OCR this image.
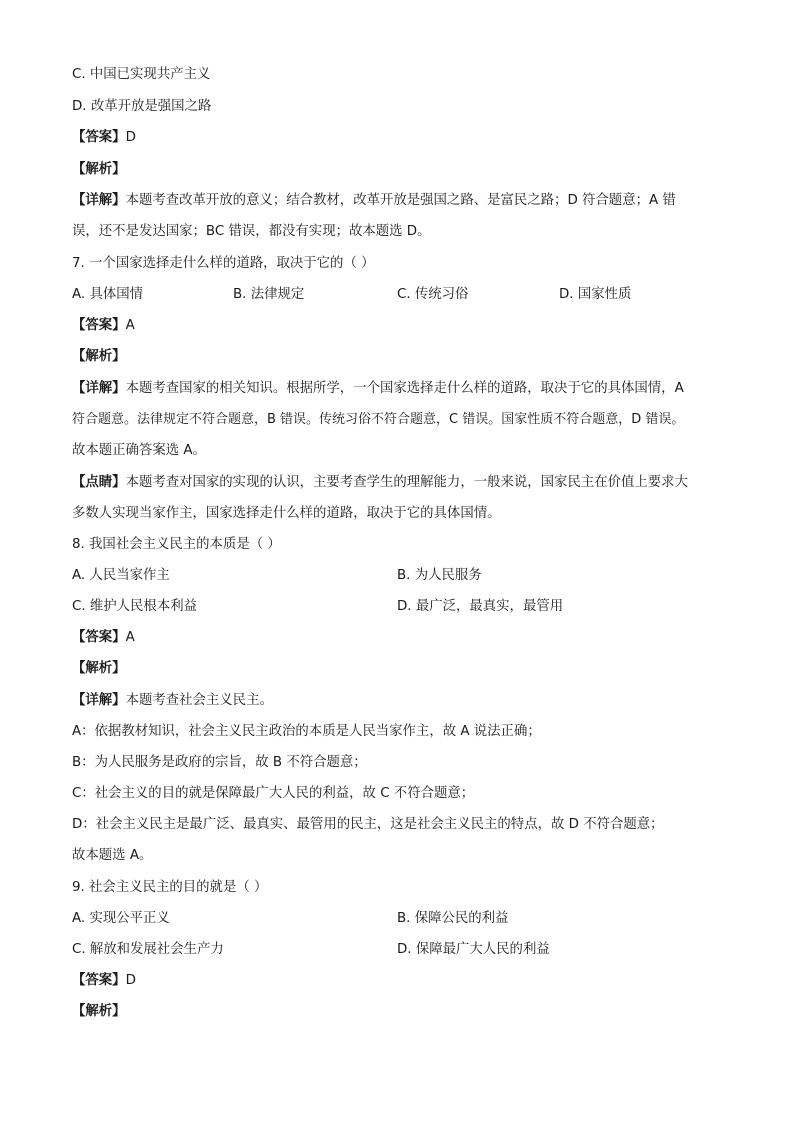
C. 中国已实现共产主义
D. 改革开放是强国之路
【答案】D
【解析】
【详解】本题考查改革开放的意义；结合教材，改革开放是强国之路、是富民之路；D 符合题意；A 错
误，还不是发达国家；BC 错误，都没有实现；故本题选 D。
7. 一个国家选择走什么样的道路，取决于它的（ ）
A. 具体国情	B. 法律规定	C. 传统习俗	D. 国家性质
【答案】A
【解析】
【详解】本题考查国家的相关知识。根据所学，一个国家选择走什么样的道路，取决于它的具体国情，A
符合题意。法律规定不符合题意，B 错误。传统习俗不符合题意，C 错误。国家性质不符合题意，D 错误。
故本题正确答案选 A。
【点睛】本题考查对国家的实现的认识，主要考查学生的理解能力，一般来说，国家民主在价值上要求大
多数人实现当家作主，国家选择走什么样的道路，取决于它的具体国情。
8. 我国社会主义民主的本质是（ ）
A. 人民当家作主	B. 为人民服务
C. 维护人民根本利益	D. 最广泛，最真实，最管用
【答案】A
【解析】
【详解】本题考查社会主义民主。
A：依据教材知识，社会主义民主政治的本质是人民当家作主，故 A 说法正确；
B：为人民服务是政府的宗旨，故 B 不符合题意；
C：社会主义的目的就是保障最广大人民的利益，故 C 不符合题意；
D：社会主义民主是最广泛、最真实、最管用的民主，这是社会主义民主的特点，故 D 不符合题意；
故本题选 A。
9. 社会主义民主的目的就是（ ）
A. 实现公平正义	B. 保障公民的利益
C. 解放和发展社会生产力	D. 保障最广大人民的利益
【答案】D
【解析】
